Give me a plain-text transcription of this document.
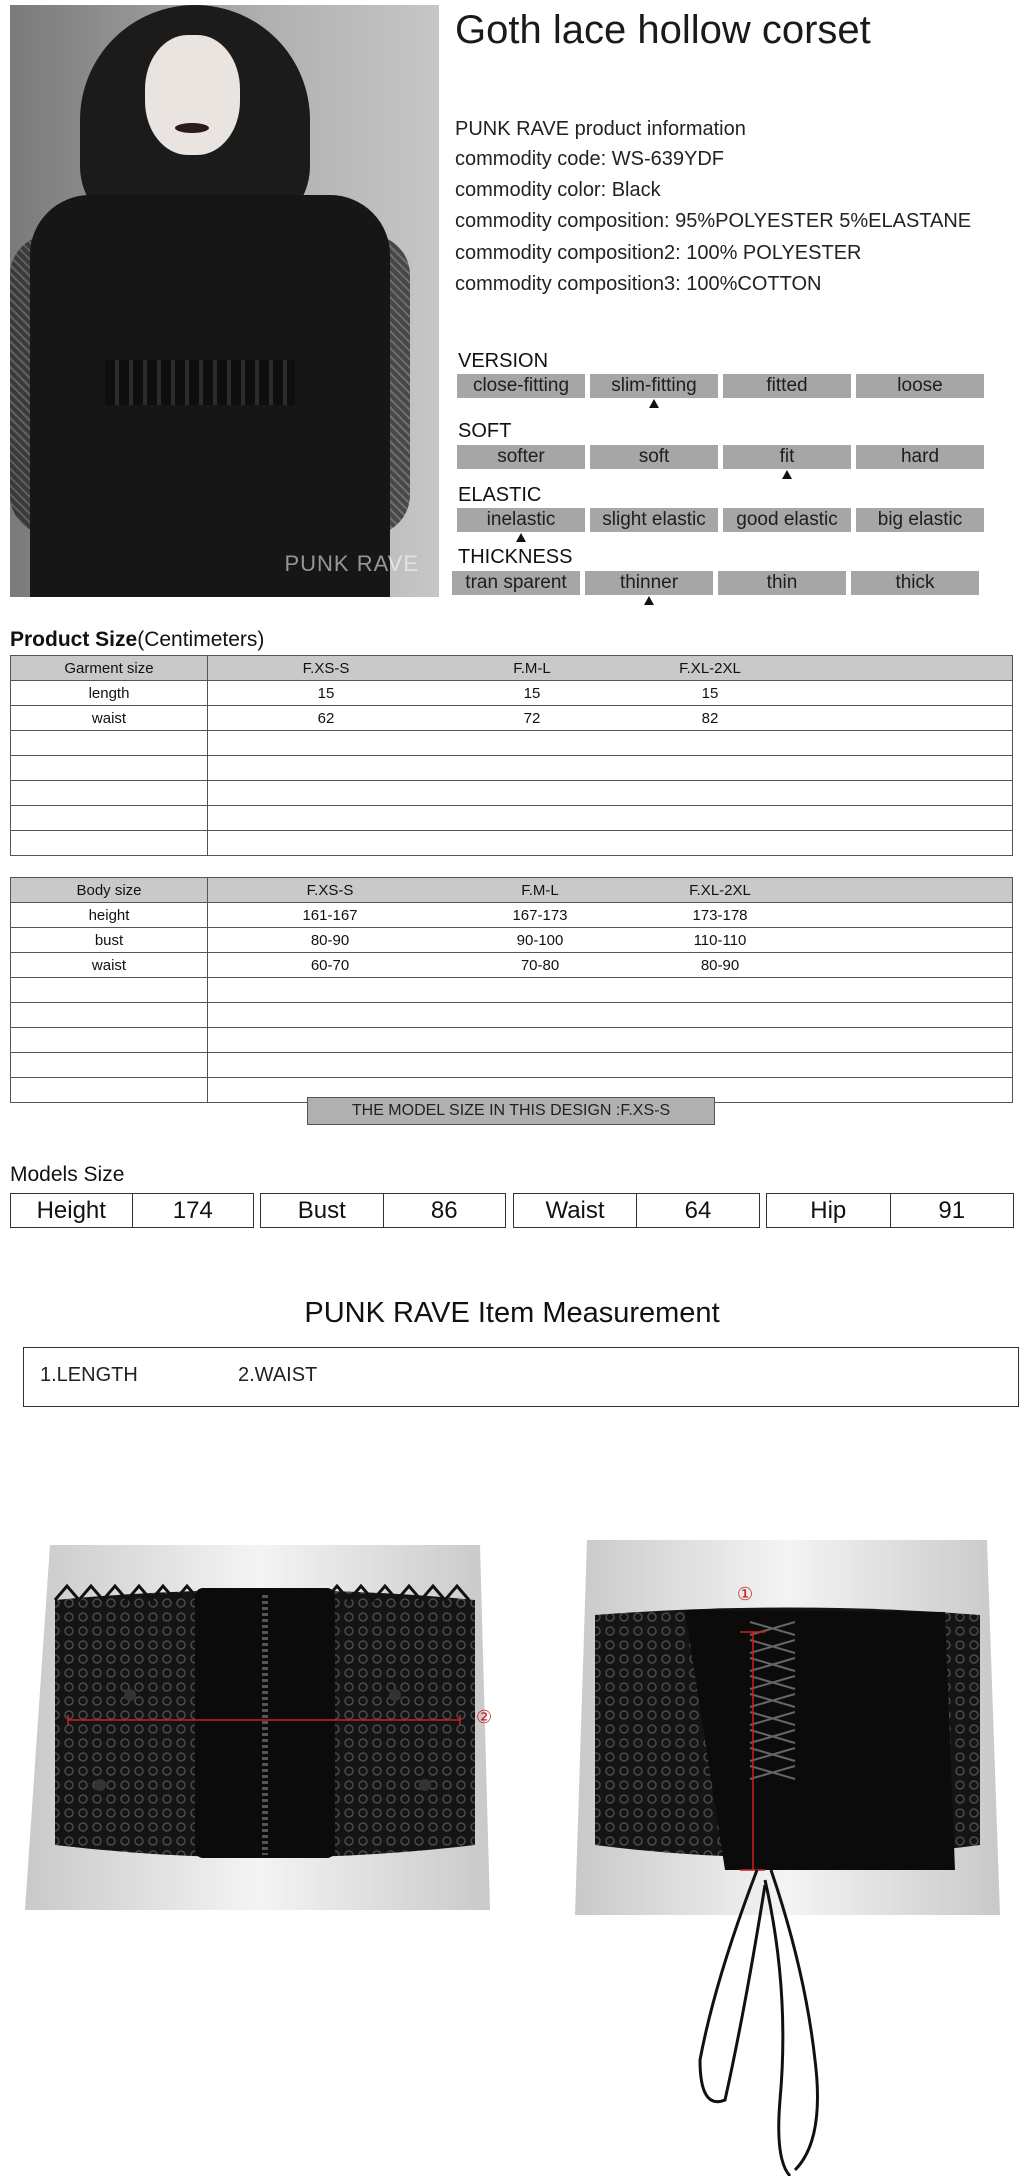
PUNK RAVE
Goth lace hollow corset
PUNK RAVE product information
commodity code: WS-639YDF
commodity color: Black
commodity composition: 95%POLYESTER 5%ELASTANE
commodity composition2: 100% POLYESTER
commodity composition3: 100%COTTON
VERSION
close-fitting	slim-fitting	fitted	loose
SOFT
softer	soft	fit	hard
ELASTIC
inelastic	slight elastic	good elastic	big elastic
THICKNESS
tran sparent	thinner	thin	thick
Product Size(Centimeters)
Garment size	F.XS-S F.M-L F.XL-2XL

length	15 15 15

waist	62 72 82

Body size	F.XS-S F.M-L F.XL-2XL

height	161-167 167-173 173-178

bust	80-90 90-100 110-110

waist	60-70 70-80 80-90

THE MODEL SIZE IN THIS DESIGN :F.XS-S
Models Size
Height	174	Bust	86	Waist	64	Hip	91
PUNK RAVE Item Measurement
1.LENGTH	2.WAIST
②
①
